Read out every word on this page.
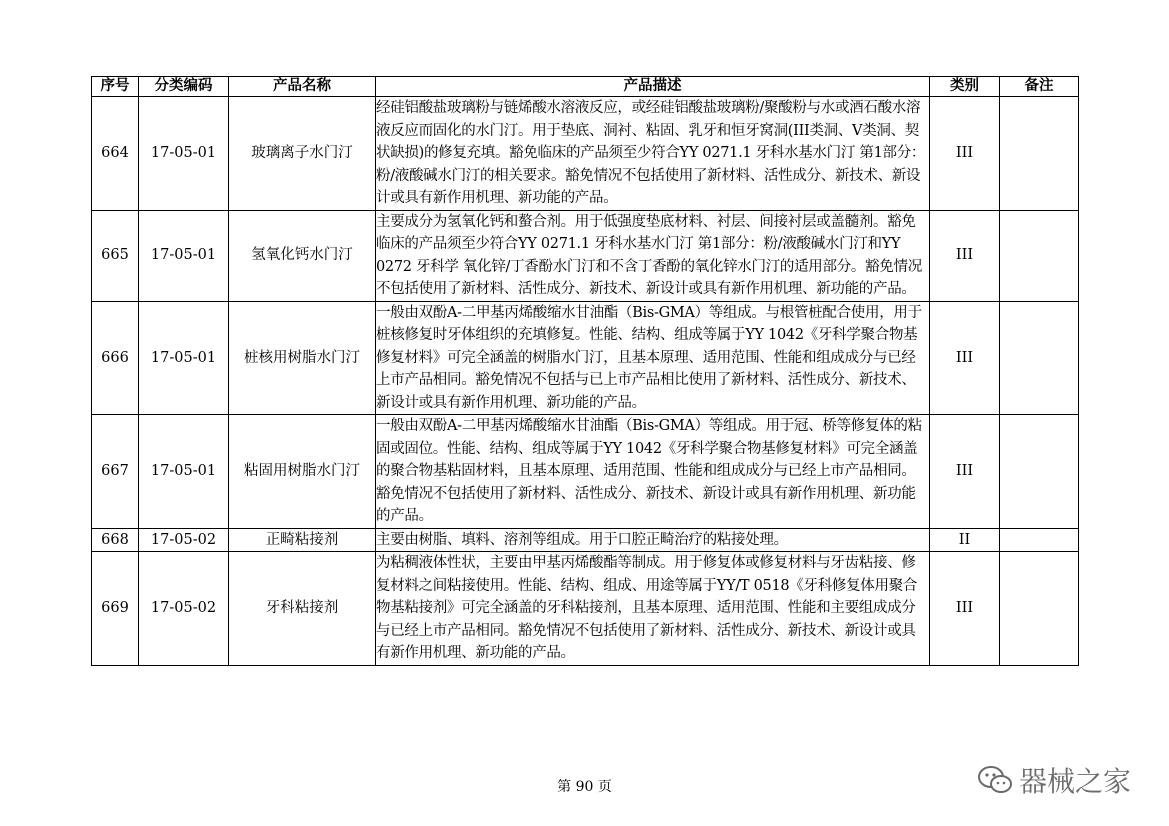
序号	分类编码	产品名称	产品描述	类别	备注
664	17-05-01	玻璃离子水门汀	经硅铝酸盐玻璃粉与链烯酸水溶液反应，或经硅铝酸盐玻璃粉/聚酸粉与水或酒石酸水溶液反应而固化的水门汀。用于垫底、洞衬、粘固、乳牙和恒牙窝洞(III类洞、V类洞、契状缺损)的修复充填。豁免临床的产品须至少符合YY 0271.1 牙科水基水门汀 第1部分：粉/液酸碱水门汀的相关要求。豁免情况不包括使用了新材料、活性成分、新技术、新设计或具有新作用机理、新功能的产品。	III	
665	17-05-01	氢氧化钙水门汀	主要成分为氢氧化钙和螯合剂。用于低强度垫底材料、衬层、间接衬层或盖髓剂。豁免临床的产品须至少符合YY 0271.1 牙科水基水门汀 第1部分：粉/液酸碱水门汀和YY 0272 牙科学 氧化锌/丁香酚水门汀和不含丁香酚的氧化锌水门汀的适用部分。豁免情况不包括使用了新材料、活性成分、新技术、新设计或具有新作用机理、新功能的产品。	III	
666	17-05-01	桩核用树脂水门汀	一般由双酚A-二甲基丙烯酸缩水甘油酯（Bis-GMA）等组成。与根管桩配合使用，用于桩核修复时牙体组织的充填修复。性能、结构、组成等属于YY 1042《牙科学聚合物基修复材料》可完全涵盖的树脂水门汀，且基本原理、适用范围、性能和组成成分与已经上市产品相同。豁免情况不包括与已上市产品相比使用了新材料、活性成分、新技术、新设计或具有新作用机理、新功能的产品。	III	
667	17-05-01	粘固用树脂水门汀	一般由双酚A-二甲基丙烯酸缩水甘油酯（Bis-GMA）等组成。用于冠、桥等修复体的粘固或固位。性能、结构、组成等属于YY 1042《牙科学聚合物基修复材料》可完全涵盖的聚合物基粘固材料，且基本原理、适用范围、性能和组成成分与已经上市产品相同。豁免情况不包括使用了新材料、活性成分、新技术、新设计或具有新作用机理、新功能的产品。	III	
668	17-05-02	正畸粘接剂	主要由树脂、填料、溶剂等组成。用于口腔正畸治疗的粘接处理。	II	
669	17-05-02	牙科粘接剂	为粘稠液体性状，主要由甲基丙烯酸酯等制成。用于修复体或修复材料与牙齿粘接、修复材料之间粘接使用。性能、结构、组成、用途等属于YY/T 0518《牙科修复体用聚合物基粘接剂》可完全涵盖的牙科粘接剂，且基本原理、适用范围、性能和主要组成成分与已经上市产品相同。豁免情况不包括使用了新材料、活性成分、新技术、新设计或具有新作用机理、新功能的产品。	III	
第 90 页	器械之家
